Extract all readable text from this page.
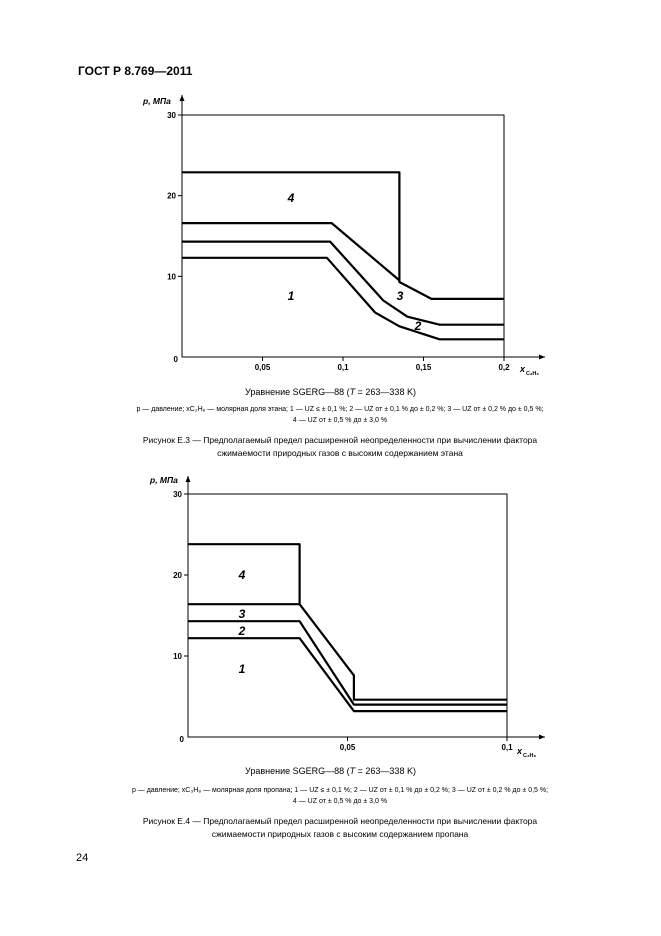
ГОСТ Р 8.769—2011
30
20
10
0
0,05	0,1	0,15	0,2
р, МПа
x C₂H₆
4
3
2
1
30
20
10
0
0,05	0,1
р, МПа
x C₃H₈
4
3
2
1
Уравнение SGERG—88 (T = 263—338 K)
p — давление; xC₂H₆ — молярная доля этана; 1 — UZ ≤ ± 0,1 %; 2 — UZ от ± 0,1 % до ± 0,2 %; 3 — UZ от ± 0,2 % до ± 0,5 %;
4 — UZ от ± 0,5 % до ± 3,0 %
Рисунок Е.3 — Предполагаемый предел расширенной неопределенности при вычислении фактора
сжимаемости природных газов с высоким содержанием этана
Уравнение SGERG—88 (T = 263—338 K)
p — давление; xC₃H₈ — молярная доля пропана; 1 — UZ ≤ ± 0,1 %; 2 — UZ от ± 0,1 % до ± 0,2 %; 3 — UZ от ± 0,2 % до ± 0,5 %;
4 — UZ от ± 0,5 % до ± 3,0 %
Рисунок Е.4 — Предполагаемый предел расширенной неопределенности при вычислении фактора
сжимаемости природных газов с высоким содержанием пропана
24
